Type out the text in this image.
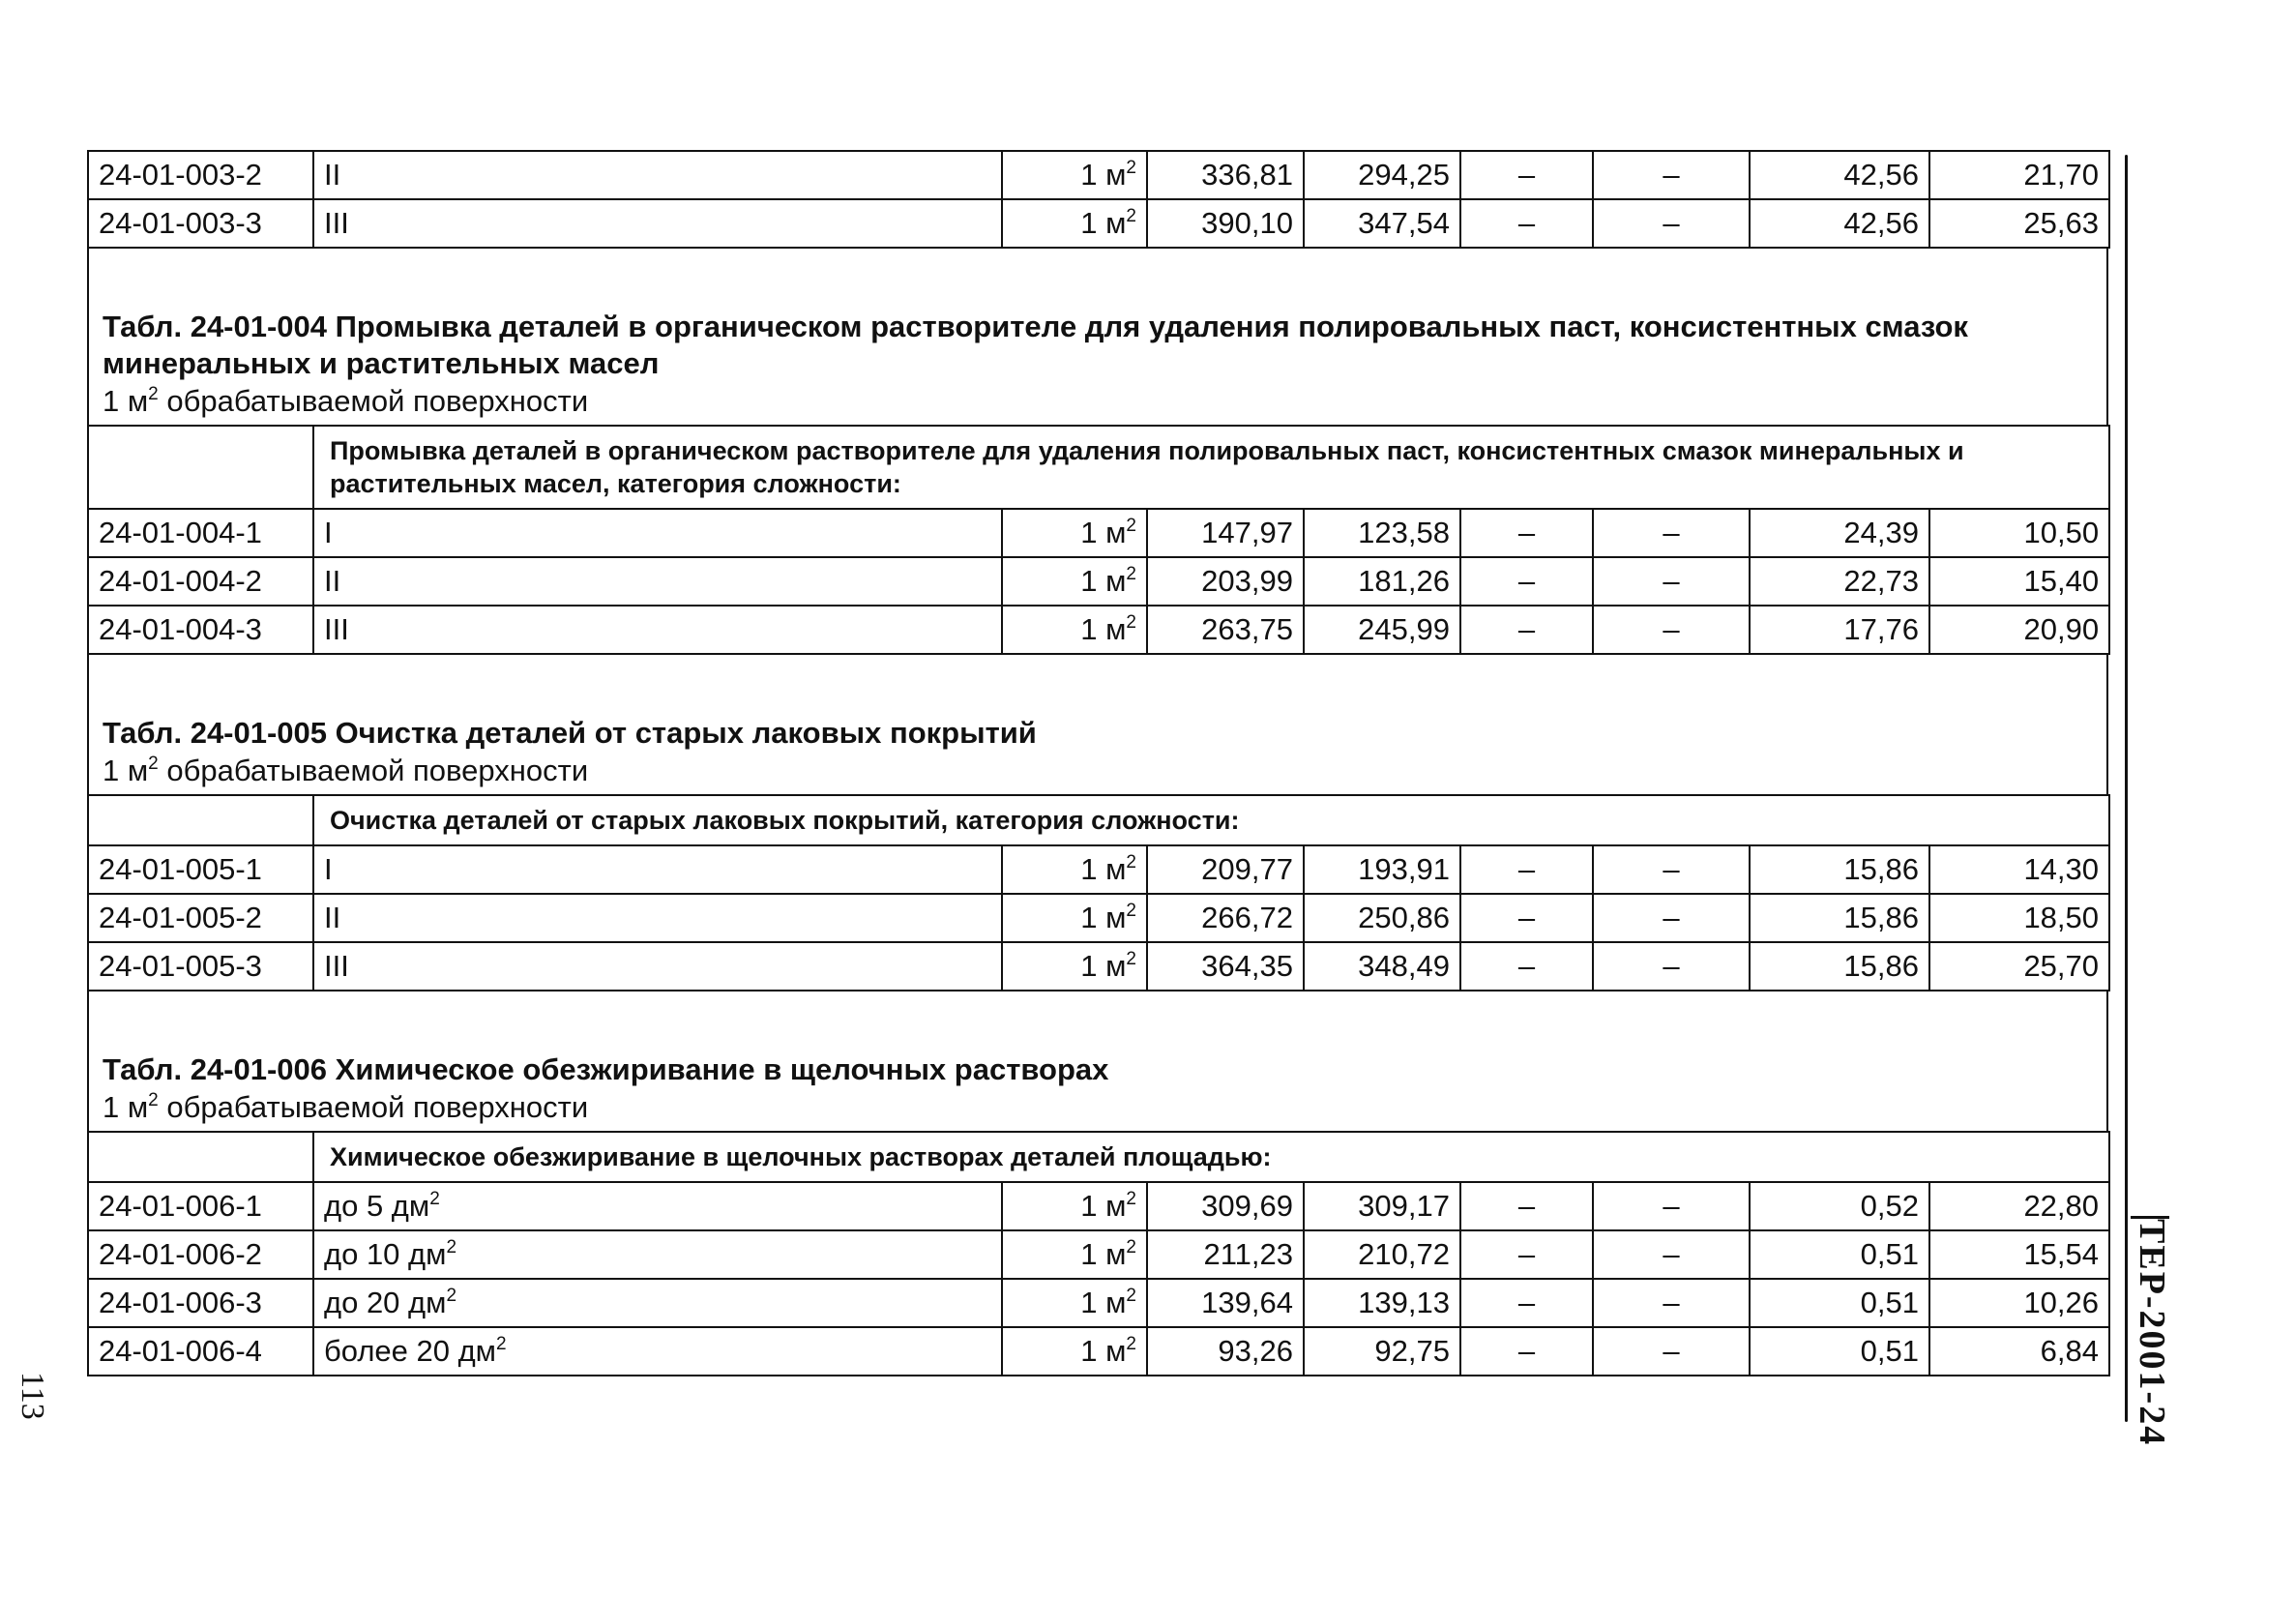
24-01-003-2	II	1 $м^2$	336,81	294,25	–	–	42,56	21,70
24-01-003-3	III	1 $м^2$	390,10	347,54	–	–	42,56	25,63
Табл. 24-01-004 Промывка деталей в органическом растворителе для удаления полировальных паст, консистентных смазок минеральных и растительных масел
1 $м^2$ обрабатываемой поверхности
	Промывка деталей в органическом растворителе для удаления полировальных паст, консистентных смазок минеральных и растительных масел, категория сложности:							
24-01-004-1	I	1 $м^2$	147,97	123,58	–	–	24,39	10,50
24-01-004-2	II	1 $м^2$	203,99	181,26	–	–	22,73	15,40
24-01-004-3	III	1 $м^2$	263,75	245,99	–	–	17,76	20,90
Табл. 24-01-005 Очистка деталей от старых лаковых покрытий
1 $м^2$ обрабатываемой поверхности
	Очистка деталей от старых лаковых покрытий, категория сложности:							
24-01-005-1	I	1 $м^2$	209,77	193,91	–	–	15,86	14,30
24-01-005-2	II	1 $м^2$	266,72	250,86	–	–	15,86	18,50
24-01-005-3	III	1 $м^2$	364,35	348,49	–	–	15,86	25,70
Табл. 24-01-006 Химическое обезжиривание в щелочных растворах
1 $м^2$ обрабатываемой поверхности
	Химическое обезжиривание в щелочных растворах деталей площадью:							
24-01-006-1	до 5 $дм^2$	1 $м^2$	309,69	309,17	–	–	0,52	22,80
24-01-006-2	до 10 $дм^2$	1 $м^2$	211,23	210,72	–	–	0,51	15,54
24-01-006-3	до 20 $дм^2$	1 $м^2$	139,64	139,13	–	–	0,51	10,26
24-01-006-4	более 20 $дм^2$	1 $м^2$	93,26	92,75	–	–	0,51	6,84 ТЕР-2001-24
113
